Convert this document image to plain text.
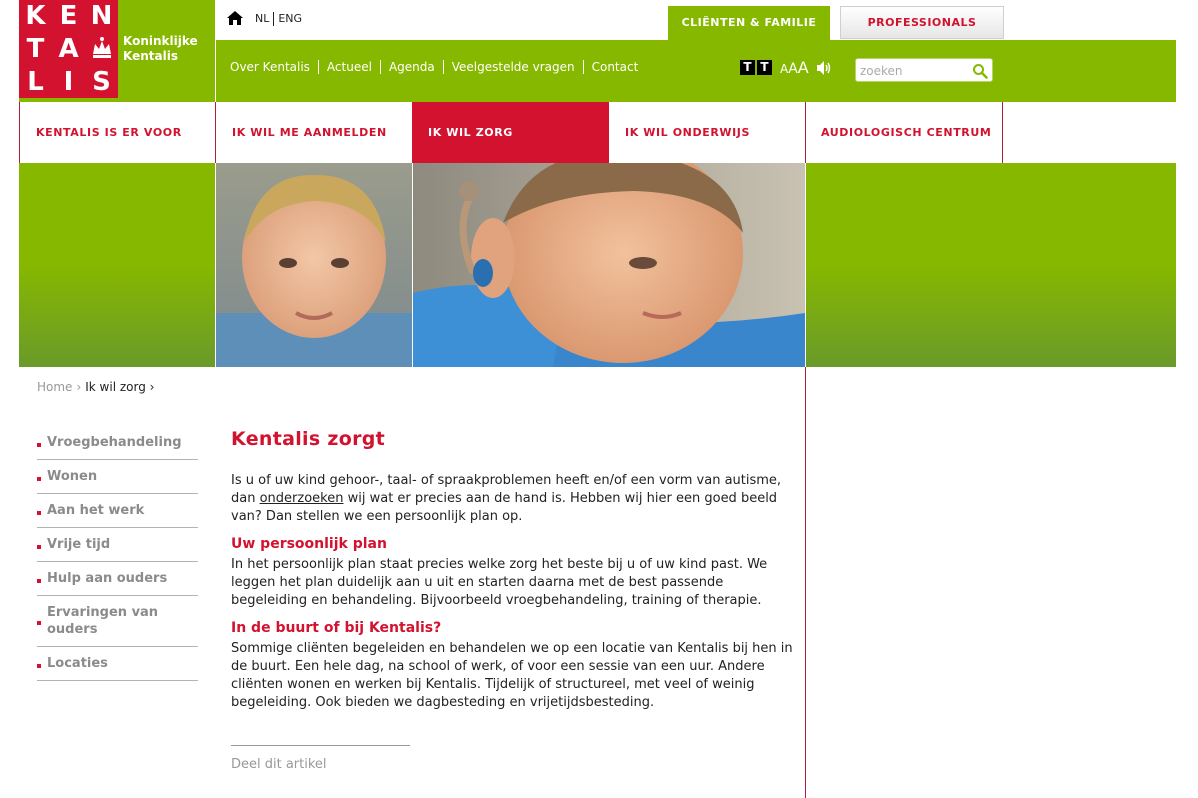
K E N
T A
L I S
Koninklijke
Kentalis
NL ENG	CLIËNTEN & FAMILIE	PROFESSIONALS
Over Kentalis	Actueel	Agenda	Veelgestelde vragen	Contact	T T AAA
zoeken
KENTALIS IS ER VOOR	IK WIL ME AANMELDEN	IK WIL ZORG	IK WIL ONDERWIJS	AUDIOLOGISCH CENTRUM
Home › Ik wil zorg ›
Vroegbehandeling
Wonen
Aan het werk
Vrije tijd
Hulp aan ouders
Ervaringen van ouders
Locaties
Kentalis zorgt

Is u of uw kind gehoor-, taal- of spraakproblemen heeft en/of een vorm van autisme, dan onderzoeken wij wat er precies aan de hand is. Hebben wij hier een goed beeld van? Dan stellen we een persoonlijk plan op.

Uw persoonlijk plan

In het persoonlijk plan staat precies welke zorg het beste bij u of uw kind past. We leggen het plan duidelijk aan u uit en starten daarna met de best passende begeleiding en behandeling. Bijvoorbeeld vroegbehandeling, training of therapie.

In de buurt of bij Kentalis?

Sommige cliënten begeleiden en behandelen we op een locatie van Kentalis bij hen in de buurt. Een hele dag, na school of werk, of voor een sessie van een uur. Andere cliënten wonen en werken bij Kentalis. Tijdelijk of structureel, met veel of weinig begeleiding. Ook bieden we dagbesteding en vrijetijdsbesteding.

Deel dit artikel
